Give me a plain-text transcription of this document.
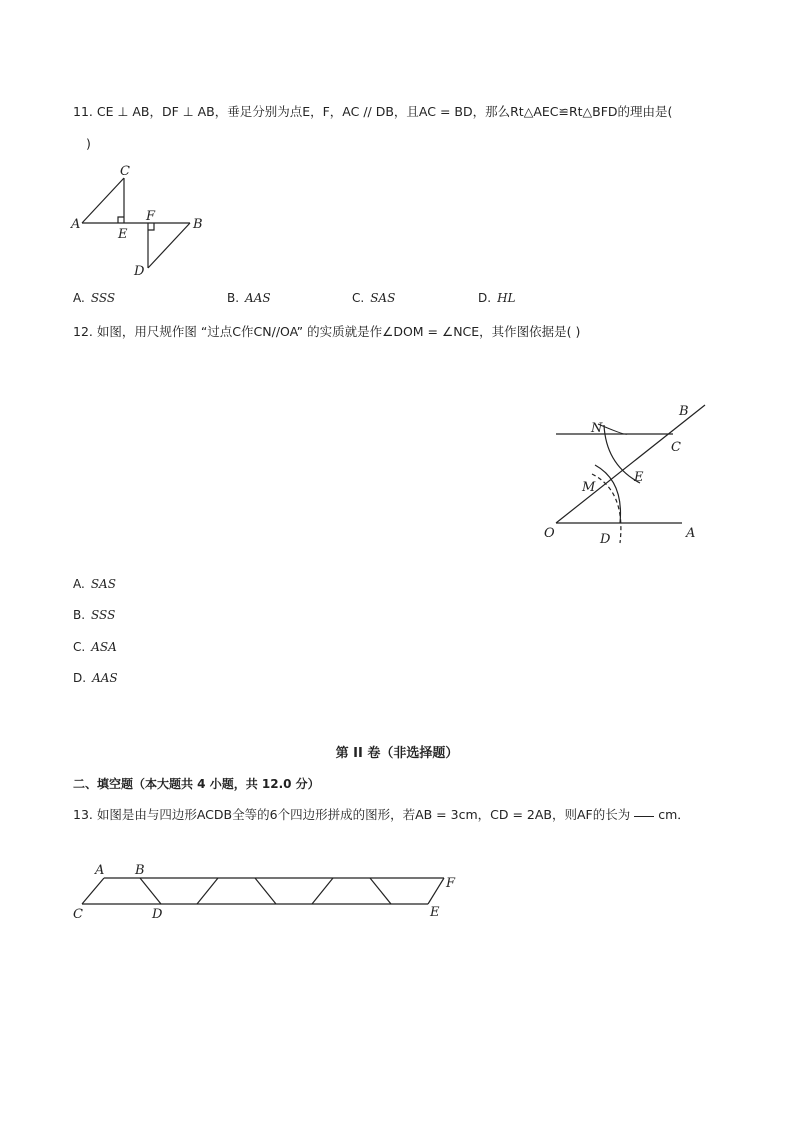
11. CE ⊥ AB，DF ⊥ AB，垂足分别为点E，F，AC // DB，且AC = BD，那么Rt△AEC≌Rt△BFD的理由是(
)
C
A
E
F
B
D
A. SSS	B. AAS	C. SAS	D. HL
12. 如图，用尺规作图 “过点C作CN//OA” 的实质就是作∠DOM = ∠NCE，其作图依据是( )
N
B
C
E
M
O	D	A
A. SAS
B. SSS
C. ASA
D. AAS
第 II 卷（非选择题）
二、填空题（本大题共 4 小题，共 12.0 分）
13. 如图是由与四边形ACDB全等的6个四边形拼成的图形，若AB = 3cm，CD = 2AB，则AF的长为 cm．
A B
C	D	E
F
